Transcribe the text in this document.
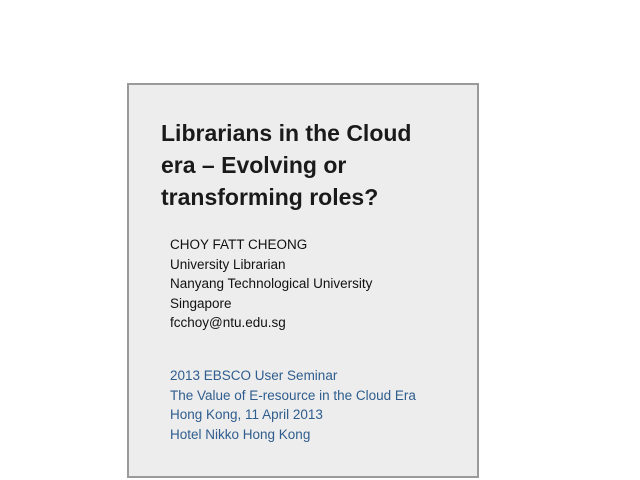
Librarians in the Cloud
era – Evolving or
transforming roles?
CHOY FATT CHEONG
University Librarian
Nanyang Technological University
Singapore
fcchoy@ntu.edu.sg
2013 EBSCO User Seminar
The Value of E-resource in the Cloud Era
Hong Kong, 11 April 2013
Hotel Nikko Hong Kong
